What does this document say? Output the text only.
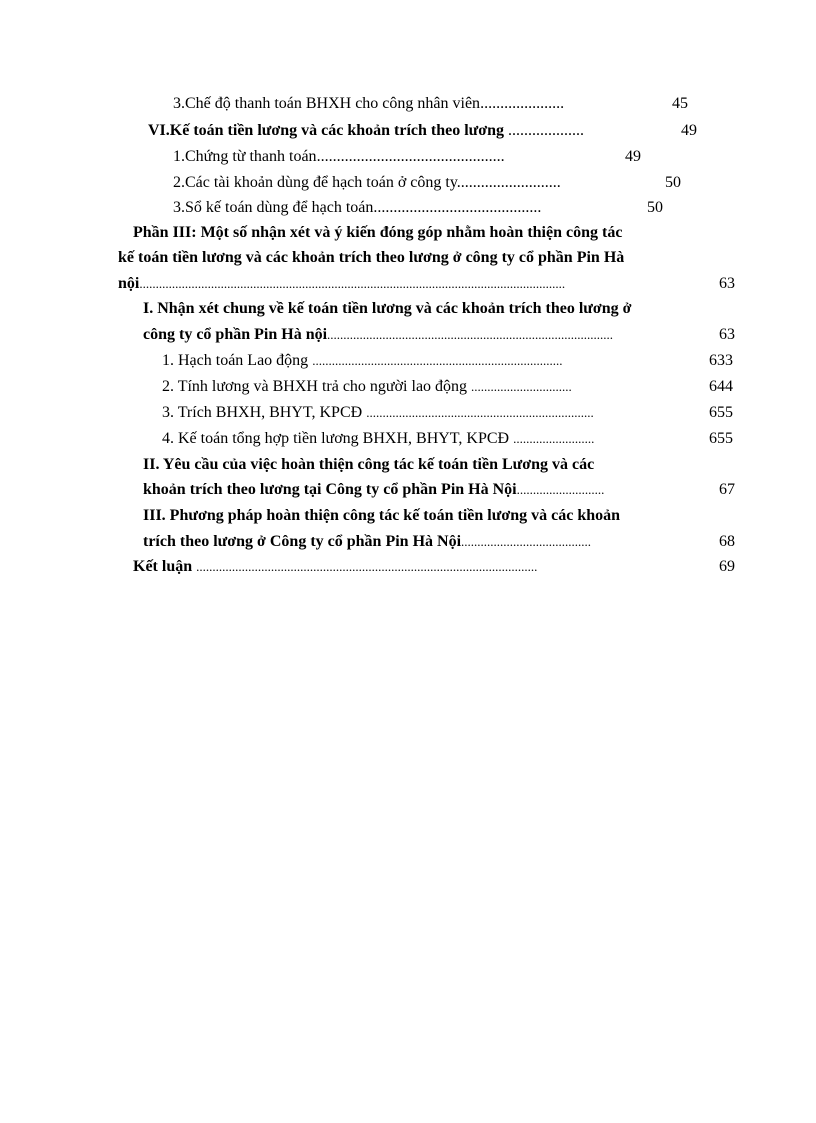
3.Chế độ thanh toán BHXH cho công nhân viên.....................	45
VI.Kế toán tiền lương và các khoản trích theo lương ...................	49
1.Chứng từ thanh toán...............................................	49
2.Các tài khoản dùng để hạch toán ở công ty..........................	50
3.Sổ kế toán dùng để hạch toán..........................................	50
Phần III: Một số nhận xét và ý kiến đóng góp nhằm hoàn thiện công tác
kế toán tiền lương và các khoản trích theo lương ở công ty cổ phần Pin Hà
nội...................................................................................................................................	63
I. Nhận xét chung về kế toán tiền lương và các khoản trích theo lương ở
công ty cổ phần Pin Hà nội........................................................................................	63
1. Hạch toán Lao động .............................................................................	633
2. Tính lương và BHXH trả cho người lao động ...............................	644
3. Trích BHXH, BHYT, KPCĐ ......................................................................	655
4. Kế toán tổng hợp tiền lương BHXH, BHYT, KPCĐ .........................	655
II. Yêu cầu của việc hoàn thiện công tác kế toán tiền Lương và các
khoản trích theo lương tại Công ty cổ phần Pin Hà Nội...........................	67
III. Phương pháp hoàn thiện công tác kế toán tiền lương và các khoản
trích theo lương ở Công ty cổ phần Pin Hà Nội........................................	68
Kết luận .........................................................................................................	69
